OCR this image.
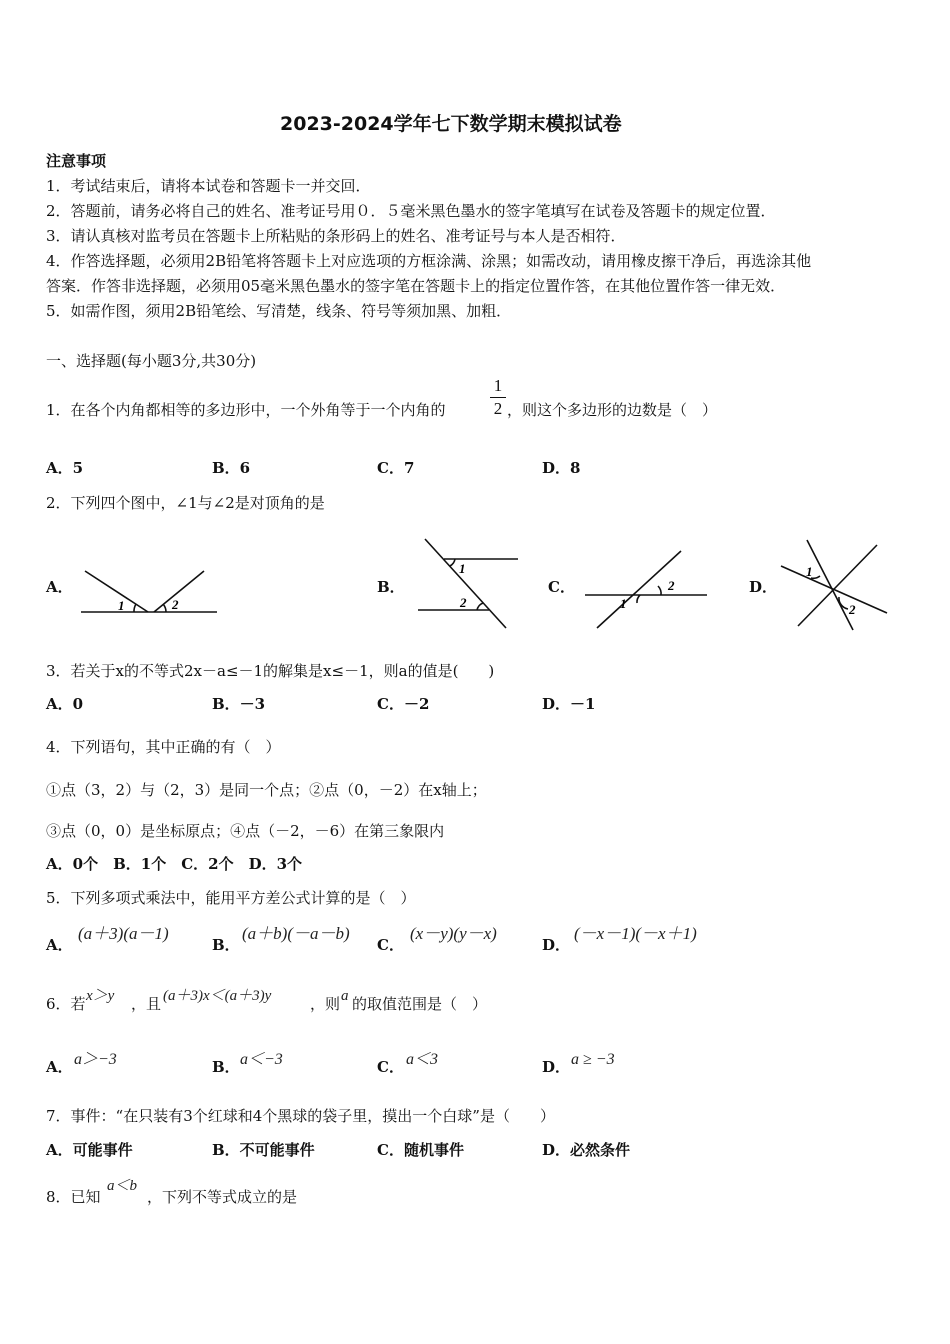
2023-2024学年七下数学期末模拟试卷
注意事项
1．考试结束后，请将本试卷和答题卡一并交回．
2．答题前，请务必将自己的姓名、准考证号用０．５毫米黑色墨水的签字笔填写在试卷及答题卡的规定位置．
3．请认真核对监考员在答题卡上所粘贴的条形码上的姓名、准考证号与本人是否相符．
4．作答选择题，必须用2B铅笔将答题卡上对应选项的方框涂满、涂黑；如需改动，请用橡皮擦干净后，再选涂其他
答案．作答非选择题，必须用05毫米黑色墨水的签字笔在答题卡上的指定位置作答，在其他位置作答一律无效．
5．如需作图，须用2B铅笔绘、写清楚，线条、符号等须加黑、加粗．
一、选择题(每小题3分,共30分)
1．在各个内角都相等的多边形中，一个外角等于一个内角的
1
2 ，则这个多边形的边数是（　）
A．5	B．6	C．7	D．8
2．下列四个图中，∠1与∠2是对顶角的是
A．	B．	C．	D．
1	2
1
2	1
2
1
2
3．若关于x的不等式2x－a≤－1的解集是x≤－1，则a的值是(　　)
A．0	B．－3	C．－2	D．－1
4．下列语句，其中正确的有（　）
①点（3，2）与（2，3）是同一个点；②点（0，－2）在x轴上；
③点（0，0）是坐标原点；④点（－2，－6）在第三象限内
A．0个　B．1个　C．2个　D．3个
5．下列多项式乘法中，能用平方差公式计算的是（　）
A．
(a＋3)(a－1)
B．
(a＋b)(－a－b)
C．
(x－y)(y－x)
D．
(－x－1)(－x＋1)
6．若 x＞y ，且 (a＋3)x＜(a＋3)y	，则 a 的取值范围是（　）
A． a＞−3	B． a＜−3	C． a＜3	D． a ≥ −3
7．事件：“在只装有3个红球和4个黑球的袋子里，摸出一个白球”是（　　）
A．可能事件	B．不可能事件	C．随机事件	D．必然条件
8．已知
a＜b
，下列不等式成立的是
